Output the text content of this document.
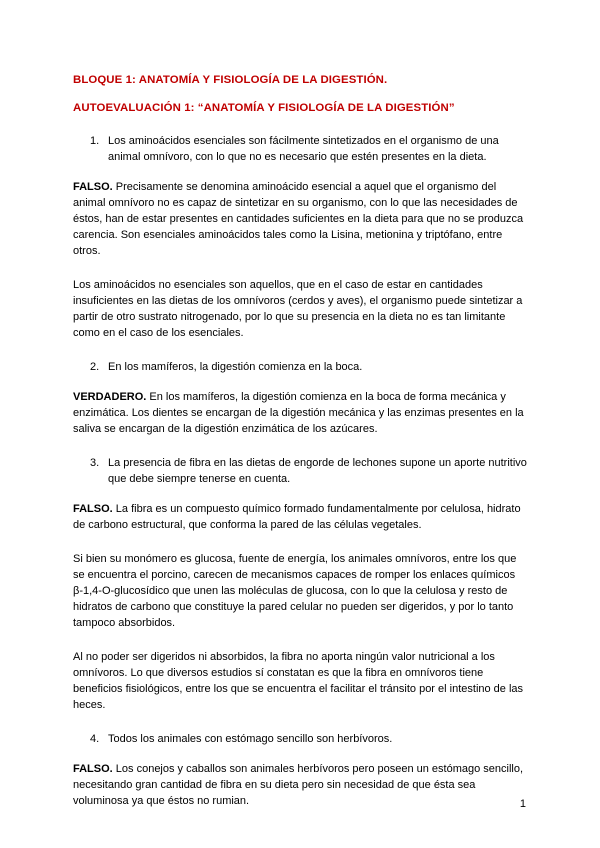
BLOQUE 1: ANATOMÍA Y FISIOLOGÍA DE LA DIGESTIÓN.

AUTOEVALUACIÓN 1: “ANATOMÍA Y FISIOLOGÍA DE LA DIGESTIÓN”

1. Los aminoácidos esenciales son fácilmente sintetizados en el organismo de una animal omnívoro, con lo que no es necesario que estén presentes en la dieta.

FALSO. Precisamente se denomina aminoácido esencial a aquel que el organismo del animal omnívoro no es capaz de sintetizar en su organismo, con lo que las necesidades de éstos, han de estar presentes en cantidades suficientes en la dieta para que no se produzca carencia. Son esenciales aminoácidos tales como la Lisina, metionina y triptófano, entre otros.

Los aminoácidos no esenciales son aquellos, que en el caso de estar en cantidades insuficientes en las dietas de los omnívoros (cerdos y aves), el organismo puede sintetizar a partir de otro sustrato nitrogenado, por lo que su presencia en la dieta no es tan limitante como en el caso de los esenciales.

2. En los mamíferos, la digestión comienza en la boca.

VERDADERO. En los mamíferos, la digestión comienza en la boca de forma mecánica y enzimática. Los dientes se encargan de la digestión mecánica y las enzimas presentes en la saliva se encargan de la digestión enzimática de los azúcares.

3. La presencia de fibra en las dietas de engorde de lechones supone un aporte nutritivo que debe siempre tenerse en cuenta.

FALSO. La fibra es un compuesto químico formado fundamentalmente por celulosa, hidrato de carbono estructural, que conforma la pared de las células vegetales.

Si bien su monómero es glucosa, fuente de energía, los animales omnívoros, entre los que se encuentra el porcino, carecen de mecanismos capaces de romper los enlaces químicos β-1,4-O-glucosídico que unen las moléculas de glucosa, con lo que la celulosa y resto de hidratos de carbono que constituye la pared celular no pueden ser digeridos, y por lo tanto tampoco absorbidos.

Al no poder ser digeridos ni absorbidos, la fibra no aporta ningún valor nutricional a los omnívoros. Lo que diversos estudios sí constatan es que la fibra en omnívoros tiene beneficios fisiológicos, entre los que se encuentra el facilitar el tránsito por el intestino de las heces.

4. Todos los animales con estómago sencillo son herbívoros.

FALSO. Los conejos y caballos son animales herbívoros pero poseen un estómago sencillo, necesitando gran cantidad de fibra en su dieta pero sin necesidad de que ésta sea voluminosa ya que éstos no rumian.	1
